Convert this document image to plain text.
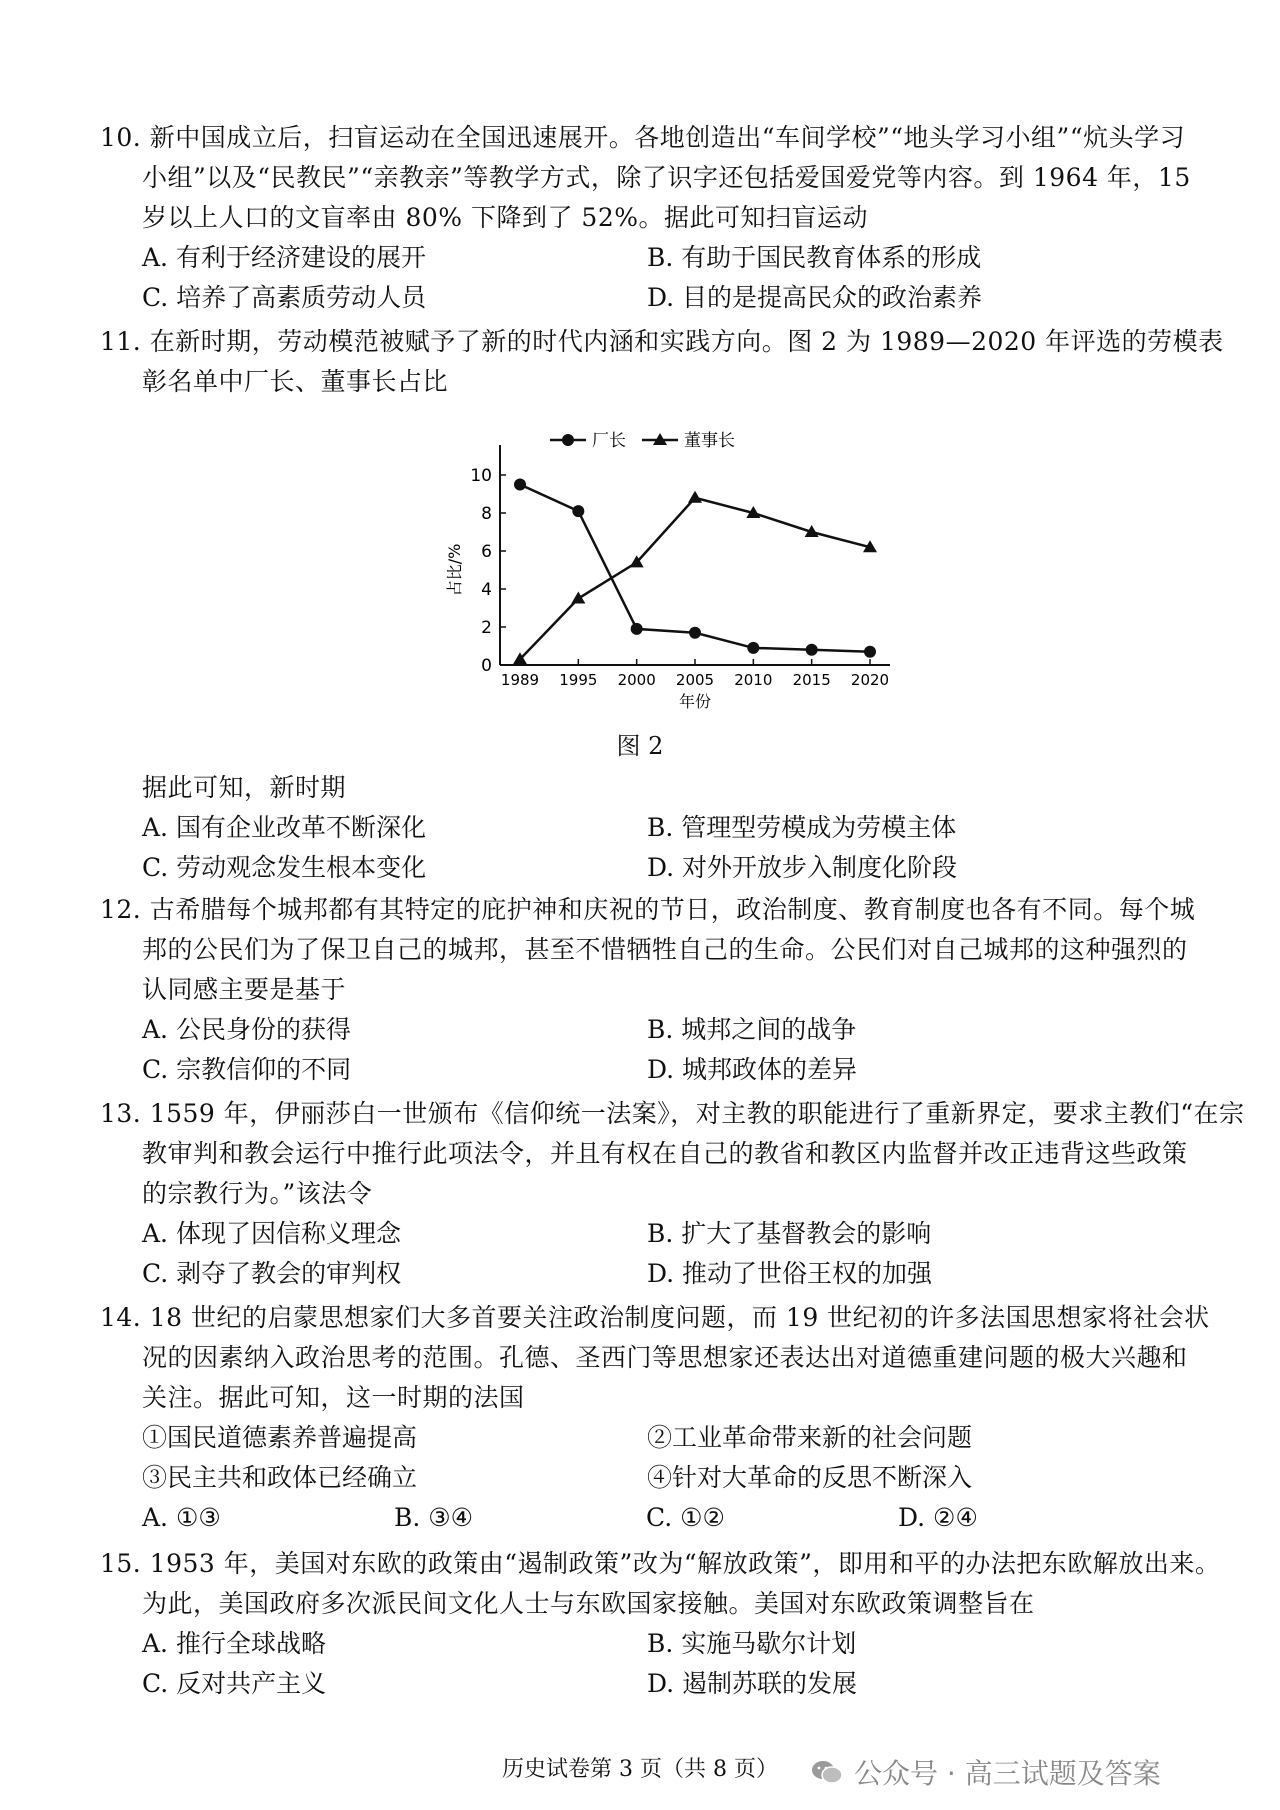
10. 新中国成立后，扫盲运动在全国迅速展开。各地创造出“车间学校”“地头学习小组”“炕头学习
小组”以及“民教民”“亲教亲”等教学方式，除了识字还包括爱国爱党等内容。到 1964 年，15
岁以上人口的文盲率由 80% 下降到了 52%。据此可知扫盲运动
A. 有利于经济建设的展开	B. 有助于国民教育体系的形成
C. 培养了高素质劳动人员	D. 目的是提高民众的政治素养
11. 在新时期，劳动模范被赋予了新的时代内涵和实践方向。图 2 为 1989—2020 年评选的劳模表
彰名单中厂长、董事长占比
0
2
4
6
8
10
1989 1995 2000 2005 2010 2015 2020
年份
占比/%
厂长	董事长
图 2
据此可知，新时期
A. 国有企业改革不断深化	B. 管理型劳模成为劳模主体
C. 劳动观念发生根本变化	D. 对外开放步入制度化阶段
12. 古希腊每个城邦都有其特定的庇护神和庆祝的节日，政治制度、教育制度也各有不同。每个城
邦的公民们为了保卫自己的城邦，甚至不惜牺牲自己的生命。公民们对自己城邦的这种强烈的
认同感主要是基于
A. 公民身份的获得	B. 城邦之间的战争
C. 宗教信仰的不同	D. 城邦政体的差异
13. 1559 年，伊丽莎白一世颁布《信仰统一法案》，对主教的职能进行了重新界定，要求主教们“在宗
教审判和教会运行中推行此项法令，并且有权在自己的教省和教区内监督并改正违背这些政策
的宗教行为。”该法令
A. 体现了因信称义理念	B. 扩大了基督教会的影响
C. 剥夺了教会的审判权	D. 推动了世俗王权的加强
14. 18 世纪的启蒙思想家们大多首要关注政治制度问题，而 19 世纪初的许多法国思想家将社会状
况的因素纳入政治思考的范围。孔德、圣西门等思想家还表达出对道德重建问题的极大兴趣和
关注。据此可知，这一时期的法国
①国民道德素养普遍提高	②工业革命带来新的社会问题
③民主共和政体已经确立	④针对大革命的反思不断深入
A. ①③	B. ③④	C. ①②	D. ②④
15. 1953 年，美国对东欧的政策由“遏制政策”改为“解放政策”，即用和平的办法把东欧解放出来。
为此，美国政府多次派民间文化人士与东欧国家接触。美国对东欧政策调整旨在
A. 推行全球战略	B. 实施马歇尔计划
C. 反对共产主义	D. 遏制苏联的发展
历史试卷第 3 页（共 8 页）	公众号 · 高三试题及答案
